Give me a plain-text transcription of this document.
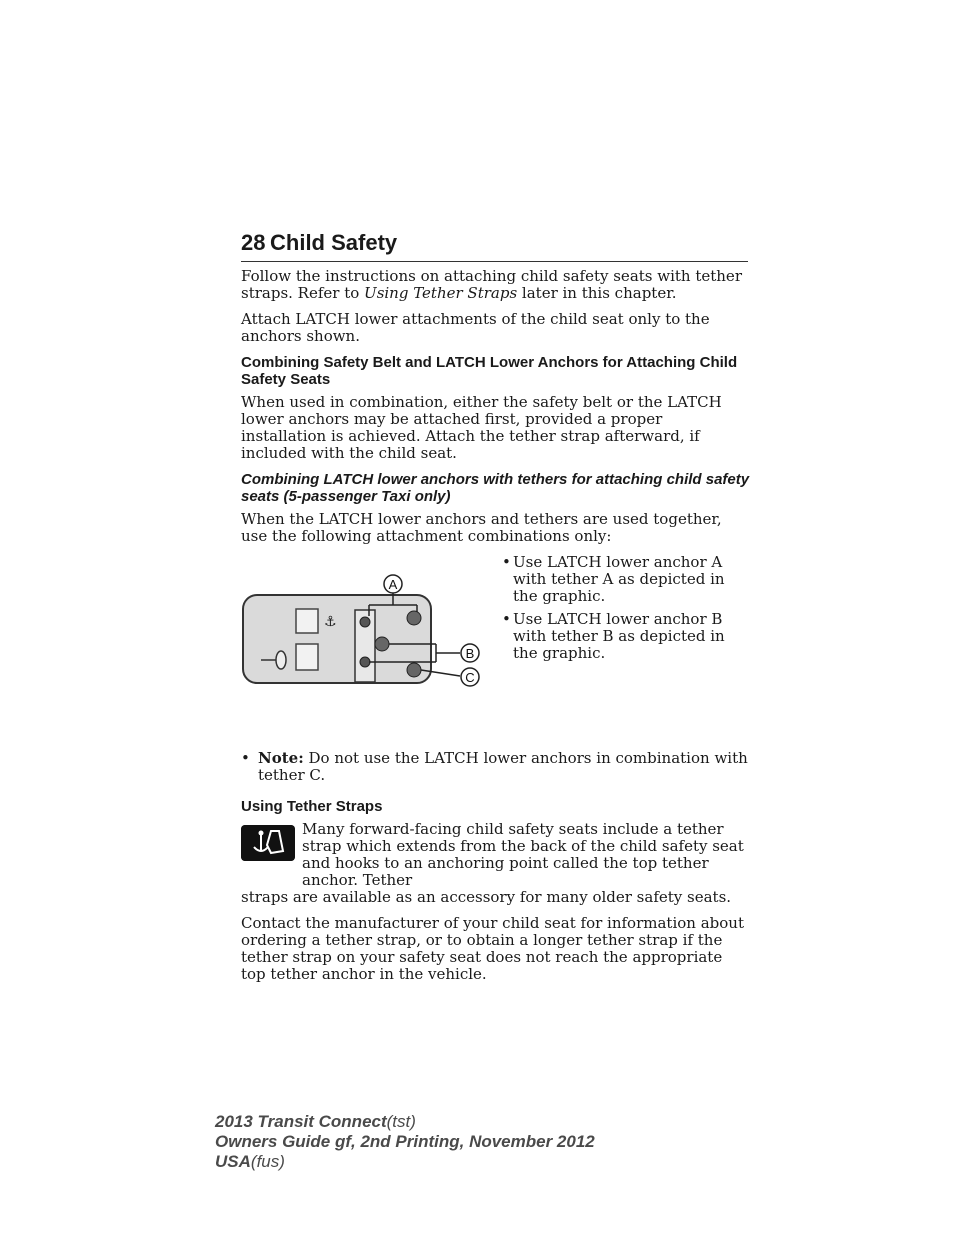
28 Child Safety

Follow the instructions on attaching child safety seats with tether straps. Refer to Using Tether Straps later in this chapter.

Attach LATCH lower attachments of the child seat only to the anchors shown.

Combining Safety Belt and LATCH Lower Anchors for Attaching Child Safety Seats

When used in combination, either the safety belt or the LATCH lower anchors may be attached first, provided a proper installation is achieved. Attach the tether strap afterward, if included with the child seat.

Combining LATCH lower anchors with tethers for attaching child safety seats (5-passenger Taxi only)

When the LATCH lower anchors and tethers are used together, use the following attachment combinations only:

⚓
A
B
C
• Use LATCH lower anchor A with tether A as depicted in the graphic.
• Use LATCH lower anchor B with tether B as depicted in the graphic.
• Note: Do not use the LATCH lower anchors in combination with tether C.
Using Tether Straps
Many forward-facing child safety seats include a tether strap which extends from the back of the child safety seat and hooks to an anchoring point called the top tether anchor. Tether

straps are available as an accessory for many older safety seats.

Contact the manufacturer of your child seat for information about ordering a tether strap, or to obtain a longer tether strap if the tether strap on your safety seat does not reach the appropriate top tether anchor in the vehicle.

2013 Transit Connect(tst)
Owners Guide gf, 2nd Printing, November 2012
USA(fus)
